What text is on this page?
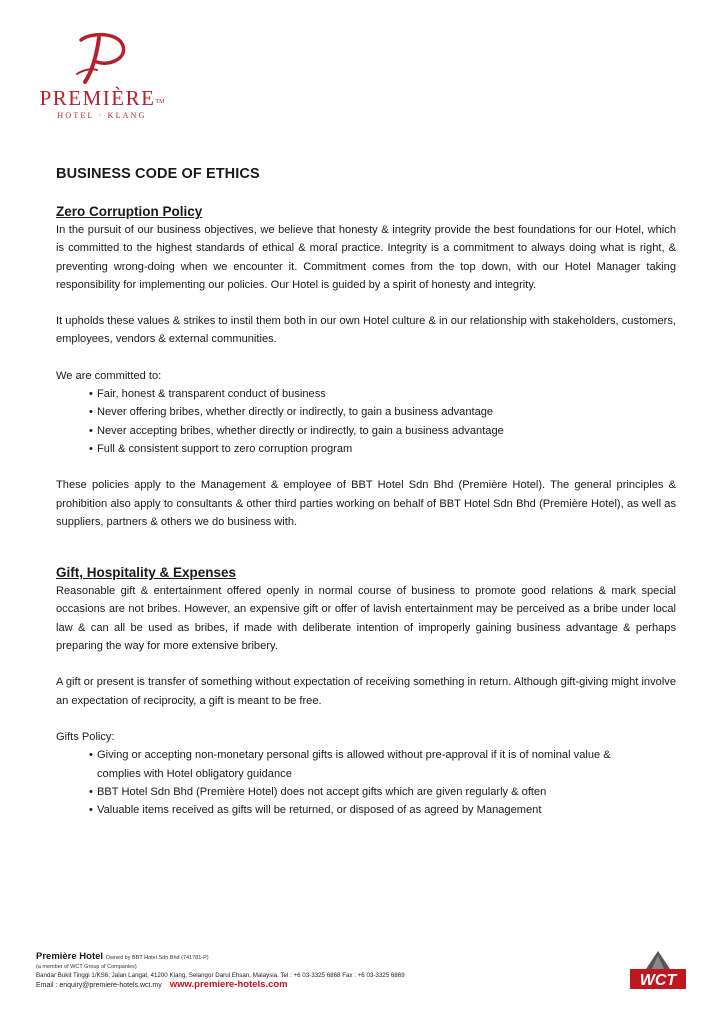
PREMIÈRETM
HOTEL · KLANG
BUSINESS CODE OF ETHICS
Zero Corruption Policy

In the pursuit of our business objectives, we believe that honesty & integrity provide the best foundations for our Hotel, which is committed to the highest standards of ethical & moral practice. Integrity is a commitment to always doing what is right, & preventing wrong-doing when we encounter it. Commitment comes from the top down, with our Hotel Manager taking responsibility for implementing our policies. Our Hotel is guided by a spirit of honesty and integrity.

It upholds these values & strikes to instil them both in our own Hotel culture & in our relationship with stakeholders, customers, employees, vendors & external communities.

We are committed to:

• Fair, honest & transparent conduct of business
• Never offering bribes, whether directly or indirectly, to gain a business advantage
• Never accepting bribes, whether directly or indirectly, to gain a business advantage
• Full & consistent support to zero corruption program

These policies apply to the Management & employee of BBT Hotel Sdn Bhd (Première Hotel). The general principles & prohibition also apply to consultants & other third parties working on behalf of BBT Hotel Sdn Bhd (Première Hotel), as well as suppliers, partners & others we do business with.

Gift, Hospitality & Expenses

Reasonable gift & entertainment offered openly in normal course of business to promote good relations & mark special occasions are not bribes. However, an expensive gift or offer of lavish entertainment may be perceived as a bribe under local law & can all be used as bribes, if made with deliberate intention of improperly gaining business advantage & perhaps preparing the way for more extensive bribery.

A gift or present is transfer of something without expectation of receiving something in return. Although gift-giving might involve an expectation of reciprocity, a gift is meant to be free.

Gifts Policy:

• Giving or accepting non-monetary personal gifts is allowed without pre-approval if it is of nominal value & complies with Hotel obligatory guidance
• BBT Hotel Sdn Bhd (Première Hotel) does not accept gifts which are given regularly & often
• Valuable items received as gifts will be returned, or disposed of as agreed by Management
Première Hotel Owned by BBT Hotel Sdn Bhd (741781-P)
(a member of WCT Group of Companies)
Bandar Bukit Tinggi 1/KS6, Jalan Langat, 41200 Klang, Selangor Darul Ehsan, Malaysia. Tel : +6 03-3325 6868 Fax : +6 03-3325 6869
Email : enquiry@premiere-hotels.wct.my www.premiere-hotels.com	WCT
